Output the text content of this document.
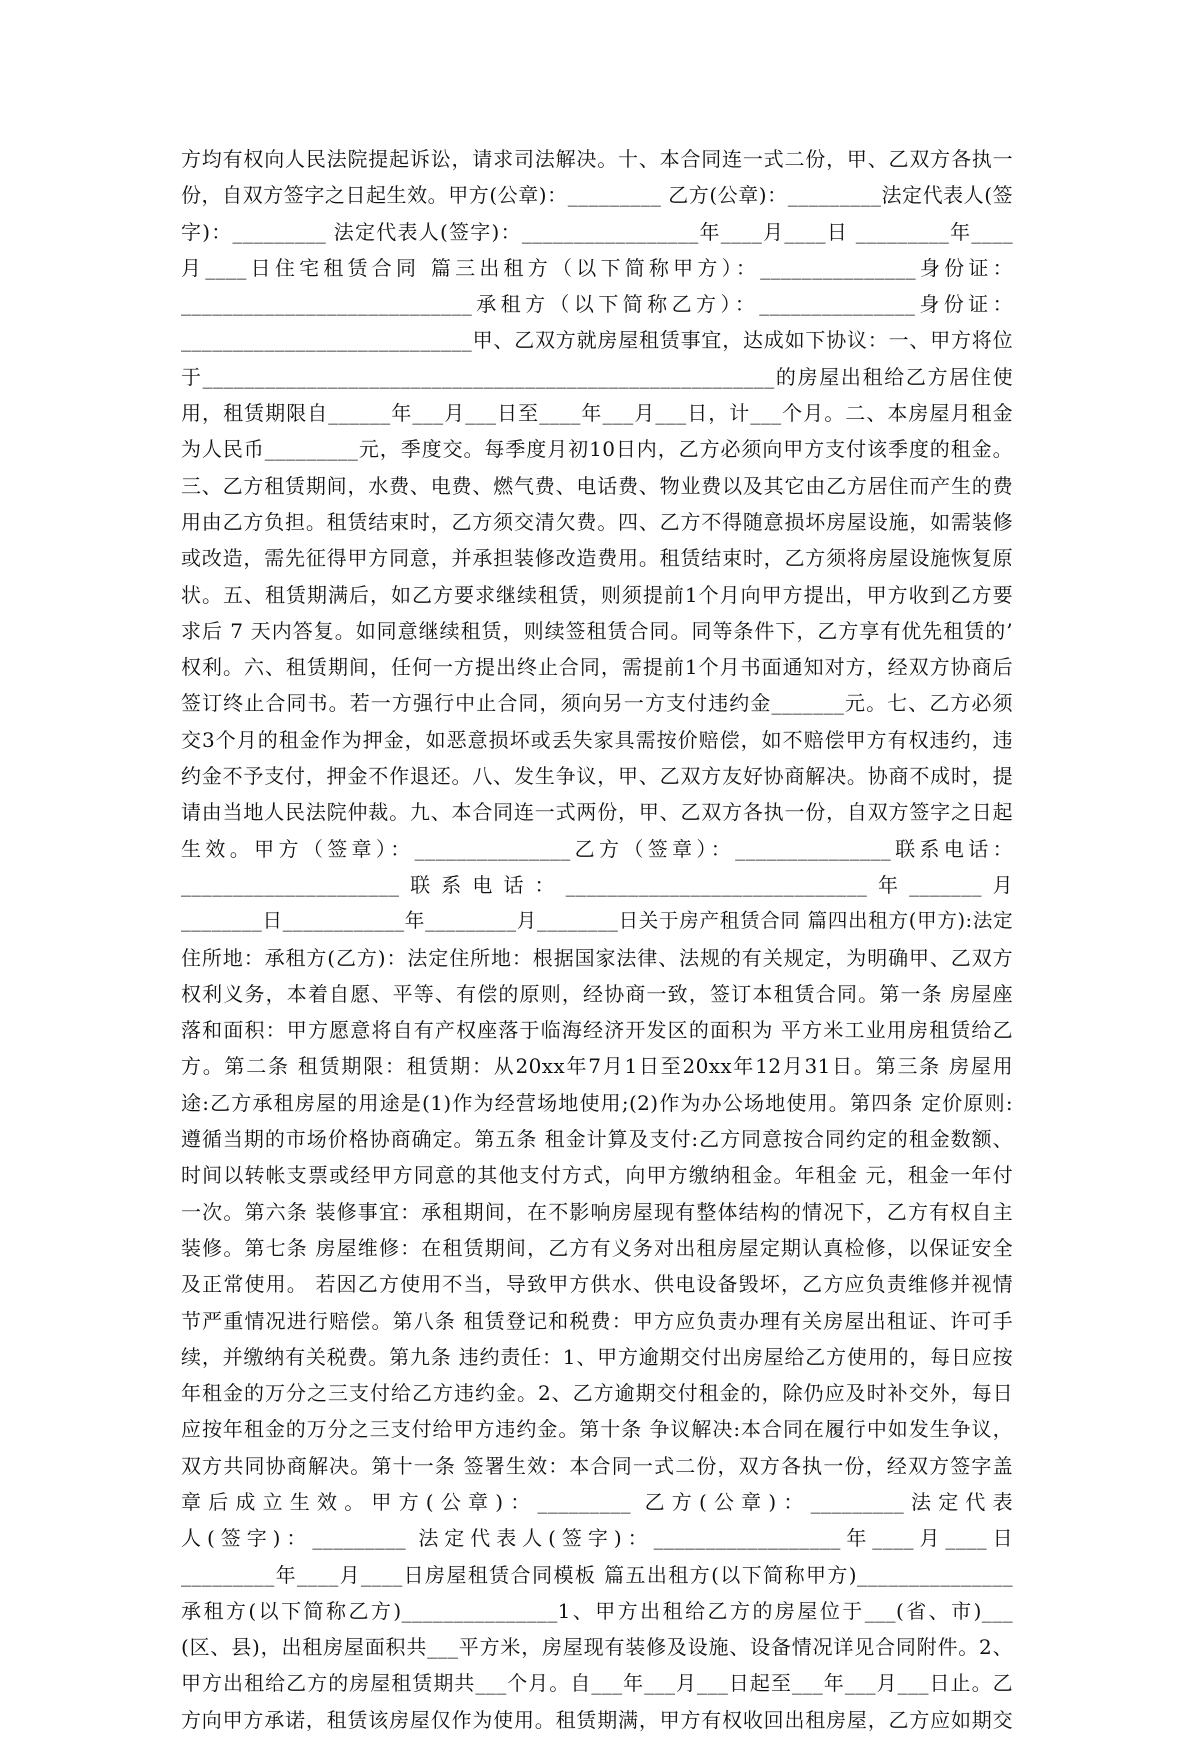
方均有权向人民法院提起诉讼，请求司法解决。十、本合同连一式二份，甲、乙双方各执一
份，自双方签字之日起生效。甲方(公章)：_________ 乙方(公章)：_________法定代表人(签
字)：_________ 法定代表人(签字)：_________________年____月____日 _________年____
月____日住宅租赁合同 篇三出租方（以下简称甲方）：_______________身份证：
____________________________承租方（以下简称乙方）：_______________身份证：
____________________________甲、乙双方就房屋租赁事宜，达成如下协议：一、甲方将位
于_______________________________________________________的房屋出租给乙方居住使
用，租赁期限自______年___月___日至____年___月___日，计___个月。二、本房屋月租金
为人民币_________元，季度交。每季度月初10日内，乙方必须向甲方支付该季度的租金。
三、乙方租赁期间，水费、电费、燃气费、电话费、物业费以及其它由乙方居住而产生的费
用由乙方负担。租赁结束时，乙方须交清欠费。四、乙方不得随意损坏房屋设施，如需装修
或改造，需先征得甲方同意，并承担装修改造费用。租赁结束时，乙方须将房屋设施恢复原
状。五、租赁期满后，如乙方要求继续租赁，则须提前1个月向甲方提出，甲方收到乙方要
求后 7 天内答复。如同意继续租赁，则续签租赁合同。同等条件下，乙方享有优先租赁的’
权利。六、租赁期间，任何一方提出终止合同，需提前1个月书面通知对方，经双方协商后
签订终止合同书。若一方强行中止合同，须向另一方支付违约金_______元。七、乙方必须
交3个月的租金作为押金，如恶意损坏或丢失家具需按价赔偿，如不赔偿甲方有权违约，违
约金不予支付，押金不作退还。八、发生争议，甲、乙双方友好协商解决。协商不成时，提
请由当地人民法院仲裁。九、本合同连一式两份，甲、乙双方各执一份，自双方签字之日起
生效。甲方（签章）：_______________乙方（签章）：_______________联系电话：
_____________________联系电话：_____________________________年_______月
________日____________年_________月________日关于房产租赁合同 篇四出租方(甲方):法定
住所地：承租方(乙方)：法定住所地：根据国家法律、法规的有关规定，为明确甲、乙双方
权利义务，本着自愿、平等、有偿的原则，经协商一致，签订本租赁合同。第一条 房屋座
落和面积：甲方愿意将自有产权座落于临海经济开发区的面积为 平方米工业用房租赁给乙
方。第二条 租赁期限：租赁期：从20xx年7月1日至20xx年12月31日。第三条 房屋用
途:乙方承租房屋的用途是(1)作为经营场地使用;(2)作为办公场地使用。第四条 定价原则:
遵循当期的市场价格协商确定。第五条 租金计算及支付:乙方同意按合同约定的租金数额、
时间以转帐支票或经甲方同意的其他支付方式，向甲方缴纳租金。年租金 元，租金一年付
一次。第六条 装修事宜：承租期间，在不影响房屋现有整体结构的情况下，乙方有权自主
装修。第七条 房屋维修：在租赁期间，乙方有义务对出租房屋定期认真检修，以保证安全
及正常使用。 若因乙方使用不当，导致甲方供水、供电设备毁坏，乙方应负责维修并视情
节严重情况进行赔偿。第八条 租赁登记和税费：甲方应负责办理有关房屋出租证、许可手
续，并缴纳有关税费。第九条 违约责任：1、甲方逾期交付出房屋给乙方使用的，每日应按
年租金的万分之三支付给乙方违约金。2、乙方逾期交付租金的，除仍应及时补交外，每日
应按年租金的万分之三支付给甲方违约金。第十条 争议解决:本合同在履行中如发生争议，
双方共同协商解决。第十一条 签署生效：本合同一式二份，双方各执一份，经双方签字盖
章后成立生效。甲方(公章)：_________ 乙方(公章)：_________法定代表
人(签字)：_________ 法定代表人(签字)：__________________年____月____日
_________年____月____日房屋租赁合同模板 篇五出租方(以下简称甲方)_______________
承租方(以下简称乙方)_______________1、甲方出租给乙方的房屋位于___(省、市)___
(区、县)，出租房屋面积共___平方米，房屋现有装修及设施、设备情况详见合同附件。2、
甲方出租给乙方的房屋租赁期共___个月。自___年___月___日起至___年___月___日止。乙
方向甲方承诺，租赁该房屋仅作为使用。租赁期满，甲方有权收回出租房屋，乙方应如期交
